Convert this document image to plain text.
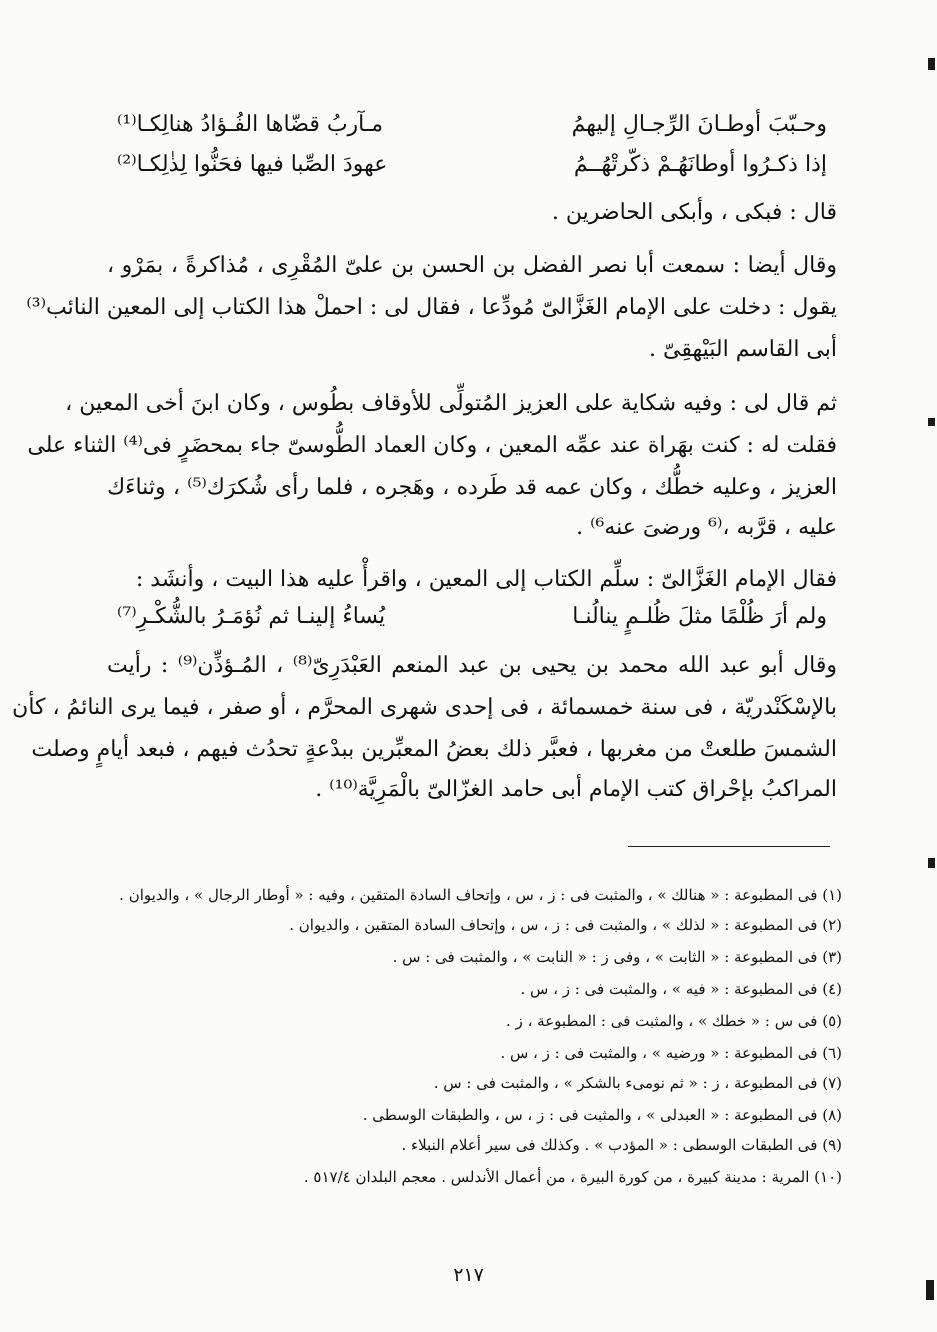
وحـبّبَ أوطـانَ الرِّجـالِ إليهمُ
مـآربُ قضّاها الفُـؤادُ هنالِكـا⁽¹⁾
إذا ذكـرُوا أوطانَهُـمْ ذكّرتْهُــمُ
عهودَ الصِّبا فيها فحَنُّوا لِذٰلِكـا⁽²⁾
قال : فبكى ، وأبكى الحاضرين .
وقال أيضا : سمعت أبا نصر الفضل بن الحسن بن علىّ المُقْرِى ، مُذاكرةً ، بمَرْو ،
يقول : دخلت على الإمام الغَزَّالىّ مُودِّعا ، فقال لى : احملْ هذا الكتاب إلى المعين النائب⁽³⁾
أبى القاسم البَيْهقِىّ .
ثم قال لى : وفيه شكاية على العزيز المُتولِّى للأوقاف بطُوس ، وكان ابنَ أخى المعين ،
فقلت له : كنت بهَراة عند عمِّه المعين ، وكان العماد الطُّوسىّ جاء بمحضَرٍ فى⁽⁴⁾ الثناء على
العزيز ، وعليه خطُّك ، وكان عمه قد طَرده ، وهَجره ، فلما رأى شُكرَك⁽⁵⁾ ، وثناءَك
عليه ، قرَّبه ،⁽⁶ ورضىَ عنه⁶⁾ .
فقال الإمام الغَزَّالىّ : سلِّم الكتاب إلى المعين ، واقرأْ عليه هذا البيت ، وأنشَد :
ولم أرَ ظُلْمًا مثلَ ظُلـمٍ ينالُنـا
يُساءُ إلينـا ثم نُؤمَـرُ بالشُّكْـرِ⁽⁷⁾
وقال أبو عبد الله محمد بن يحيى بن عبد المنعم العَبْدَرِىّ⁽⁸⁾ ، المُـؤذِّن⁽⁹⁾ : رأيت
بالإسْكَنْدريّة ، فى سنة خمسمائة ، فى إحدى شهرى المحرَّم ، أو صفر ، فيما يرى النائمُ ، كأن
الشمسَ طلعتْ من مغربها ، فعبَّر ذلك بعضُ المعبِّرين ببدْعةٍ تحدُث فيهم ، فبعد أيامٍ وصلت
المراكبُ بإحْراق كتب الإمام أبى حامد الغزّالىّ بالْمَرِيَّة⁽¹⁰⁾ .
(١) فى المطبوعة : « هنالك » ، والمثبت فى : ز ، س ، وإتحاف السادة المتقين ، وفيه : « أوطار الرجال » ، والديوان .
(٢) فى المطبوعة : « لذلك » ، والمثبت فى : ز ، س ، وإتحاف السادة المتقين ، والديوان .
(٣) فى المطبوعة : « الثابت » ، وفى ز : « النابت » ، والمثبت فى : س .
(٤) فى المطبوعة : « فيه » ، والمثبت فى : ز ، س .
(٥) فى س : « خطك » ، والمثبت فى : المطبوعة ، ز .
(٦) فى المطبوعة : « ورضيه » ، والمثبت فى : ز ، س .
(٧) فى المطبوعة ، ز : « ثم نومىء بالشكر » ، والمثبت فى : س .
(٨) فى المطبوعة : « العبدلى » ، والمثبت فى : ز ، س ، والطبقات الوسطى .
(٩) فى الطبقات الوسطى : « المؤدب » . وكذلك فى سير أعلام النبلاء .
(١٠) المرية : مدينة كبيرة ، من كورة البيرة ، من أعمال الأندلس . معجم البلدان ٥١٧/٤ .
٢١٧
